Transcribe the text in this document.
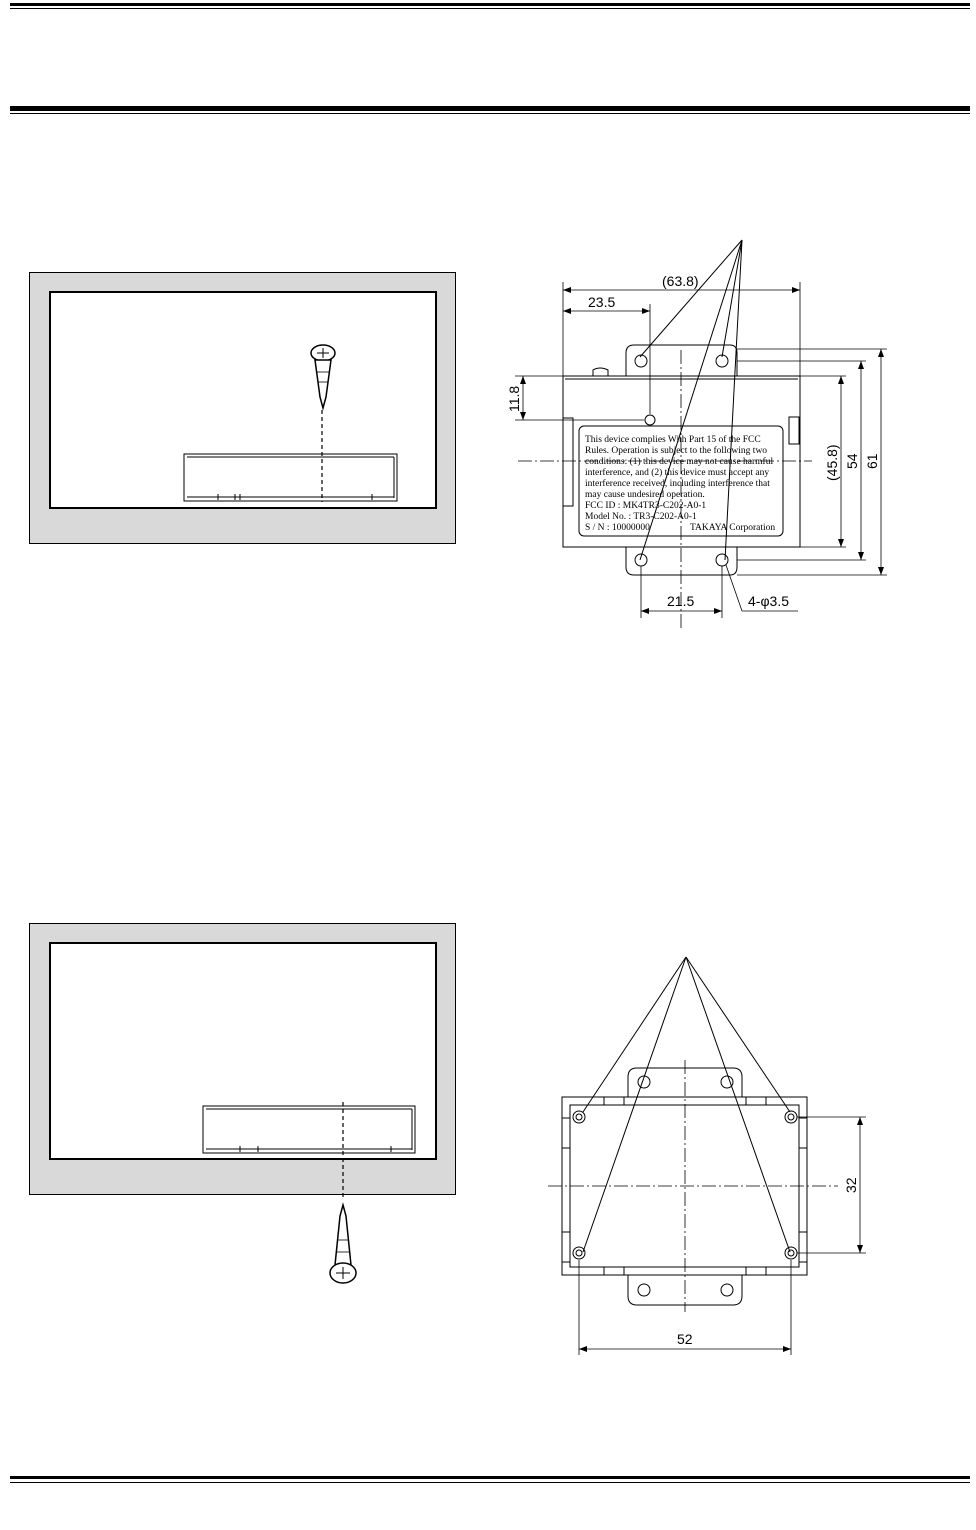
(63.8)
23.5
11.8
(45.8) 54 61
21.5	4-φ3.5
This device complies With Part 15 of the FCC
Rules. Operation is subject to the following two
conditions: (1) this device may not cause harmful
interference, and (2) this device must accept any
interference received, including interference that
may cause undesired operation.
FCC ID : MK4TR3-C202-A0-1
Model No. : TR3-C202-A0-1
S / N : 10000000	TAKAYA Corporation
32
52
